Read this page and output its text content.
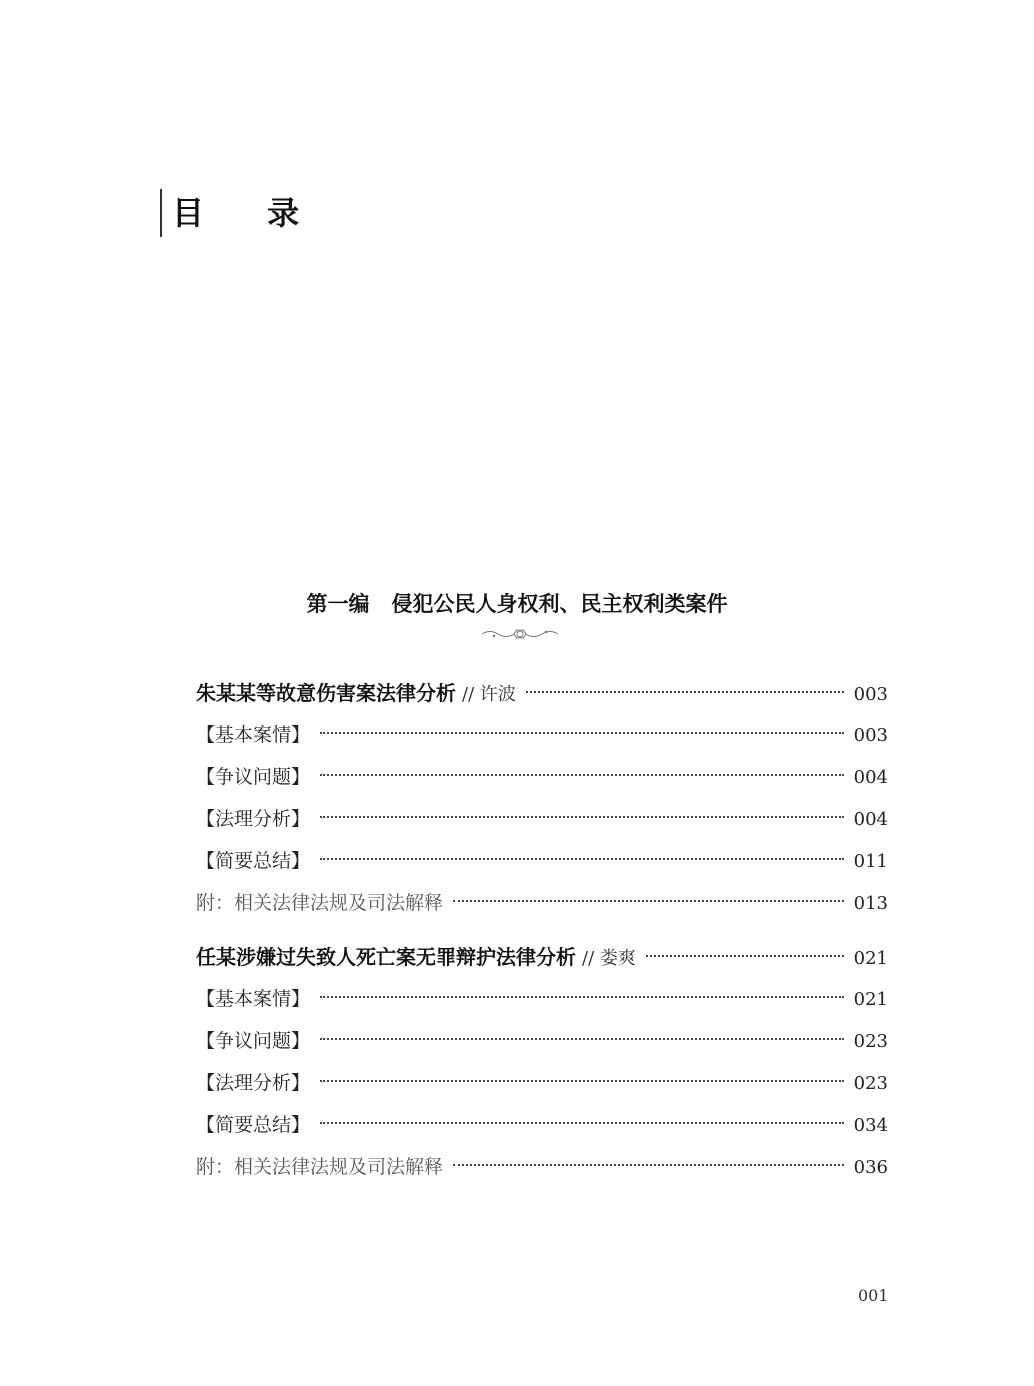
目 录
第一编   侵犯公民人身权利、民主权利类案件
朱某某等故意伤害案法律分析 // 许波	003
【基本案情】	003
【争议问题】	004
【法理分析】	004
【简要总结】	011
附：相关法律法规及司法解释	013
任某涉嫌过失致人死亡案无罪辩护法律分析 // 娄爽	021
【基本案情】	021
【争议问题】	023
【法理分析】	023
【简要总结】	034
附：相关法律法规及司法解释	036
001
